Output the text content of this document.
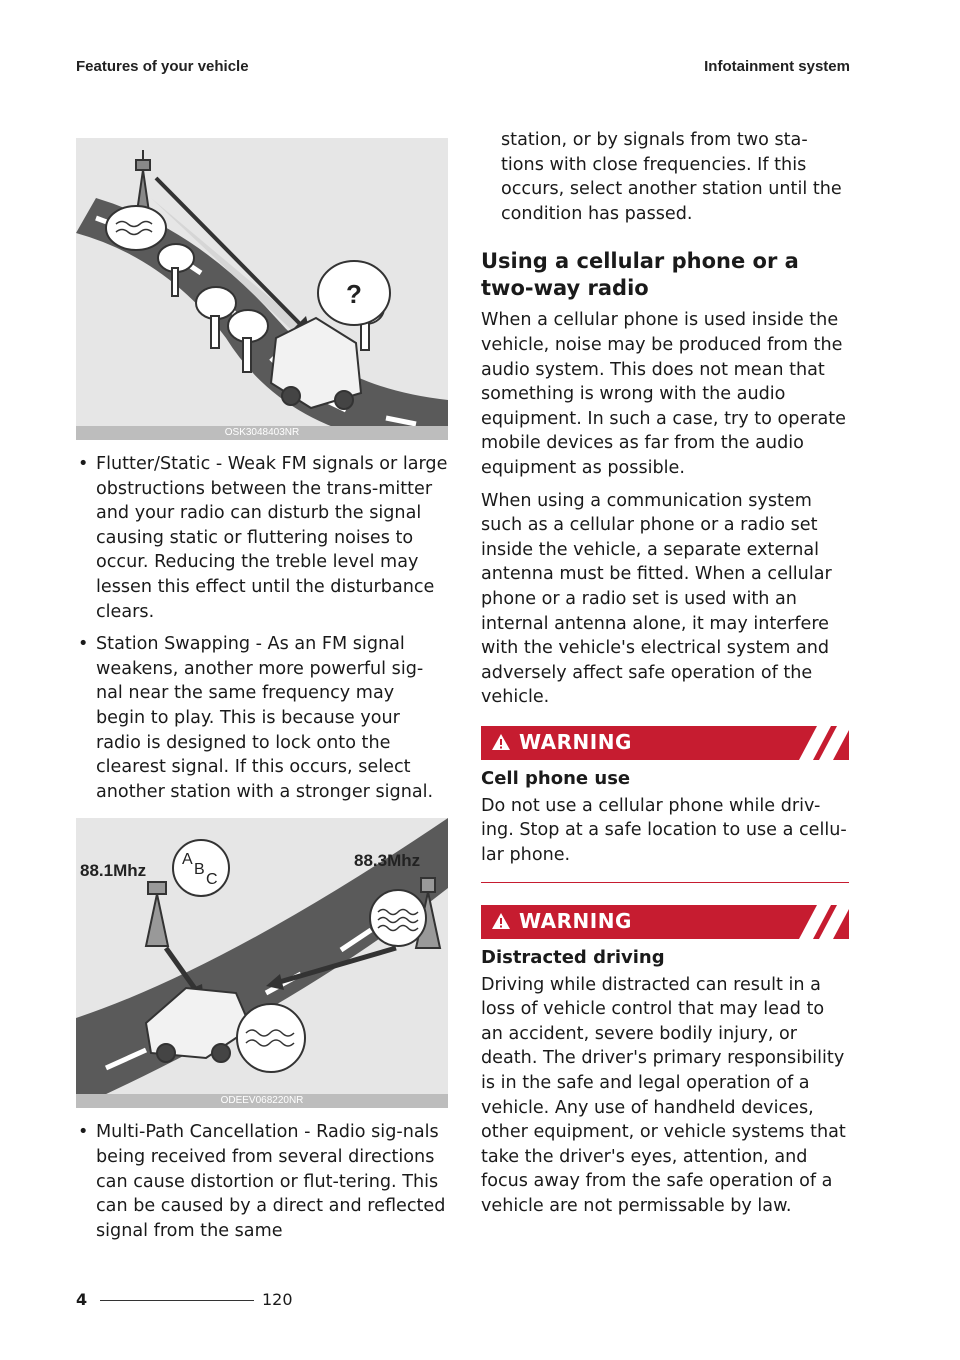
Features of your vehicle	Infotainment system
?
OSK3048403NR
• Flutter/Static - Weak FM signals or large obstructions between the trans-mitter and your radio can disturb the signal causing static or fluttering noises to occur. Reducing the treble level may lessen this effect until the disturbance clears.
• Station Swapping - As an FM signal weakens, another more powerful sig-nal near the same frequency may begin to play. This is because your radio is designed to lock onto the clearest signal. If this occurs, select another station with a stronger signal.
88.1Mhz
88.3Mhz
A
B
C
ODEEV068220NR
• Multi-Path Cancellation - Radio sig-nals being received from several directions can cause distortion or flut-tering. This can be caused by a direct and reflected signal from the same
station, or by signals from two sta-tions with close frequencies. If this occurs, select another station until the condition has passed.
Using a cellular phone or a two-way radio

When a cellular phone is used inside the vehicle, noise may be produced from the audio system. This does not mean that something is wrong with the audio equipment. In such a case, try to operate mobile devices as far from the audio equipment as possible.

When using a communication system such as a cellular phone or a radio set inside the vehicle, a separate external antenna must be fitted. When a cellular phone or a radio set is used with an internal antenna alone, it may interfere with the vehicle's electrical system and adversely affect safe operation of the vehicle.

WARNING
Cell phone use

Do not use a cellular phone while driv-ing. Stop at a safe location to use a cellu-lar phone.

WARNING
Distracted driving

Driving while distracted can result in a loss of vehicle control that may lead to an accident, severe bodily injury, or death. The driver's primary responsibility is in the safe and legal operation of a vehicle. Any use of handheld devices, other equipment, or vehicle systems that take the driver's eyes, attention, and focus away from the safe operation of a vehicle are not permissable by law.

4	120
